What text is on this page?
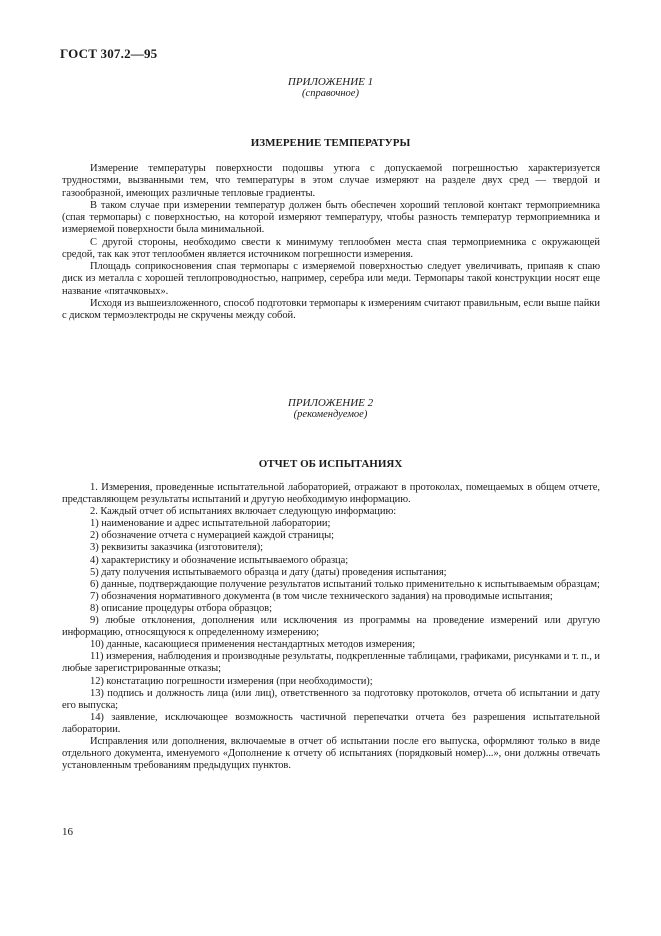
ГОСТ 307.2—95
ПРИЛОЖЕНИЕ 1
(справочное)
ИЗМЕРЕНИЕ ТЕМПЕРАТУРЫ

Измерение температуры поверхности подошвы утюга с допускаемой погрешностью характеризуется трудностями, вызванными тем, что температуры в этом случае измеряют на разделе двух сред — твердой и газообразной, имеющих различные тепловые градиенты.

В таком случае при измерении температур должен быть обеспечен хороший тепловой контакт термоприемника (спая термопары) с поверхностью, на которой измеряют температуру, чтобы разность температур термоприемника и измеряемой поверхности была минимальной.

С другой стороны, необходимо свести к минимуму теплообмен места спая термоприемника с окружающей средой, так как этот теплообмен является источником погрешности измерения.

Площадь соприкосновения спая термопары с измеряемой поверхностью следует увеличивать, припаяв к спаю диск из металла с хорошей теплопроводностью, например, серебра или меди. Термопары такой конструкции носят еще название «пятачковых».

Исходя из вышеизложенного, способ подготовки термопары к измерениям считают правильным, если выше пайки с диском термоэлектроды не скручены между собой.

ПРИЛОЖЕНИЕ 2
(рекомендуемое)
ОТЧЕТ ОБ ИСПЫТАНИЯХ

1. Измерения, проведенные испытательной лабораторией, отражают в протоколах, помещаемых в общем отчете, представляющем результаты испытаний и другую необходимую информацию.

2. Каждый отчет об испытаниях включает следующую информацию:

1) наименование и адрес испытательной лаборатории;

2) обозначение отчета с нумерацией каждой страницы;

3) реквизиты заказчика (изготовителя);

4) характеристику и обозначение испытываемого образца;

5) дату получения испытываемого образца и дату (даты) проведения испытания;

6) данные, подтверждающие получение результатов испытаний только применительно к испытываемым образцам;

7) обозначения нормативного документа (в том числе технического задания) на проводимые испытания;

8) описание процедуры отбора образцов;

9) любые отклонения, дополнения или исключения из программы на проведение измерений или другую информацию, относящуюся к определенному измерению;

10) данные, касающиеся применения нестандартных методов измерения;

11) измерения, наблюдения и производные результаты, подкрепленные таблицами, графиками, рисунками и т. п., и любые зарегистрированные отказы;

12) констатацию погрешности измерения (при необходимости);

13) подпись и должность лица (или лиц), ответственного за подготовку протоколов, отчета об испытании и дату его выпуска;

14) заявление, исключающее возможность частичной перепечатки отчета без разрешения испытательной лаборатории.

Исправления или дополнения, включаемые в отчет об испытании после его выпуска, оформляют только в виде отдельного документа, именуемого «Дополнение к отчету об испытаниях (порядковый номер)...», они должны отвечать установленным требованиям предыдущих пунктов.

16
